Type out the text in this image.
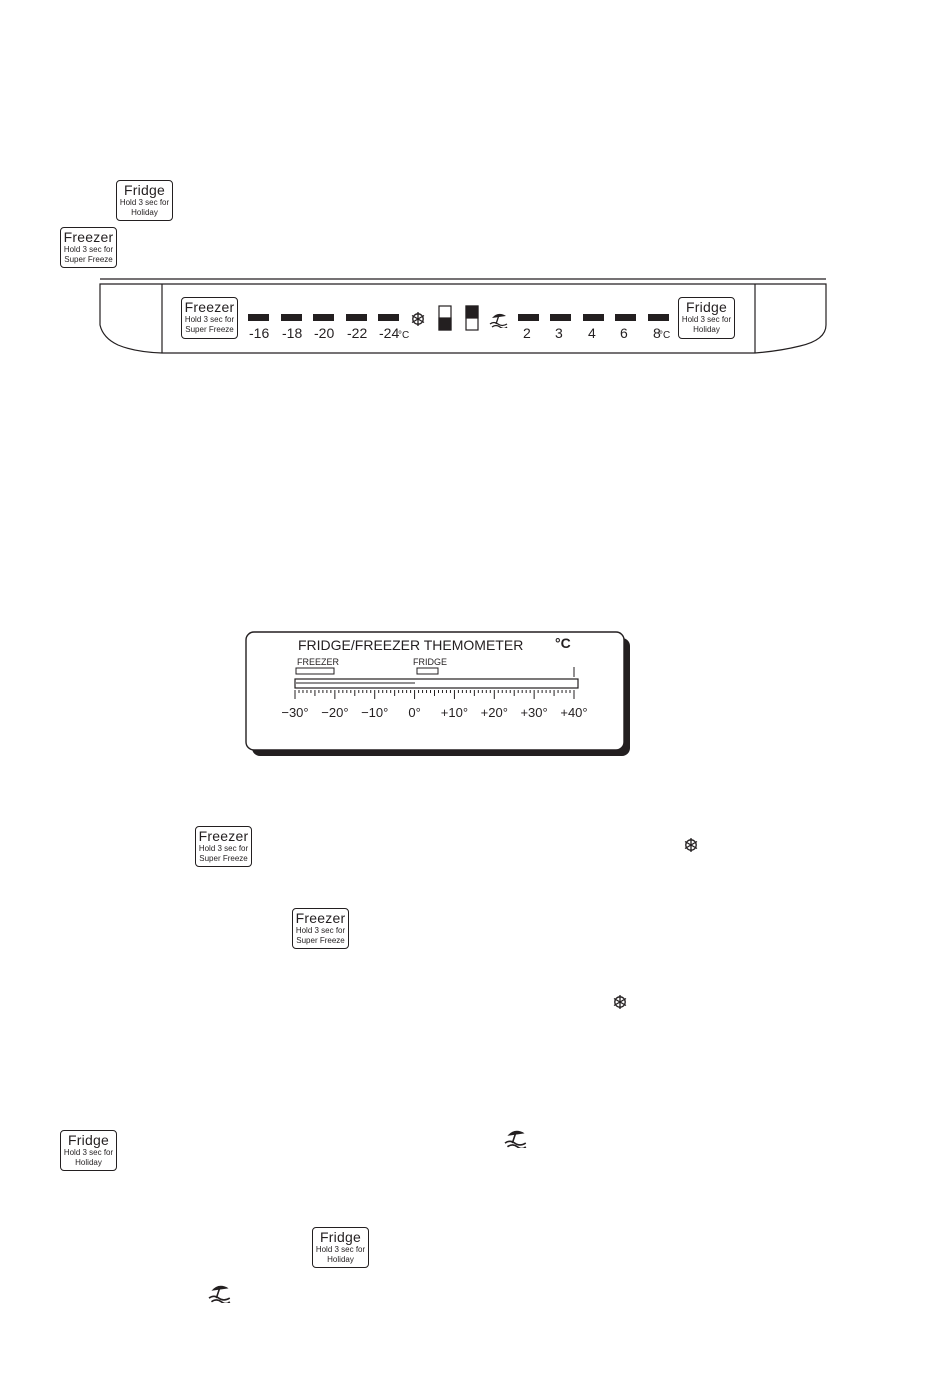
Fridge
Hold 3 sec for
Holiday
Freezer
Hold 3 sec for
Super Freeze
-16 -18 -20 -22 -24	2 3 4 6 8
°C	°C
Freezer
Hold 3 sec for
Super Freeze
Fridge
Hold 3 sec for
Holiday
FRIDGE/FREEZER THEMOMETER °C
FREEZER	FRIDGE
−30° −20° −10° 0° +10° +20° +30° +40°
Freezer
Hold 3 sec for
Super Freeze
Freezer
Hold 3 sec for
Super Freeze
Fridge
Hold 3 sec for
Holiday
Fridge
Hold 3 sec for
Holiday
